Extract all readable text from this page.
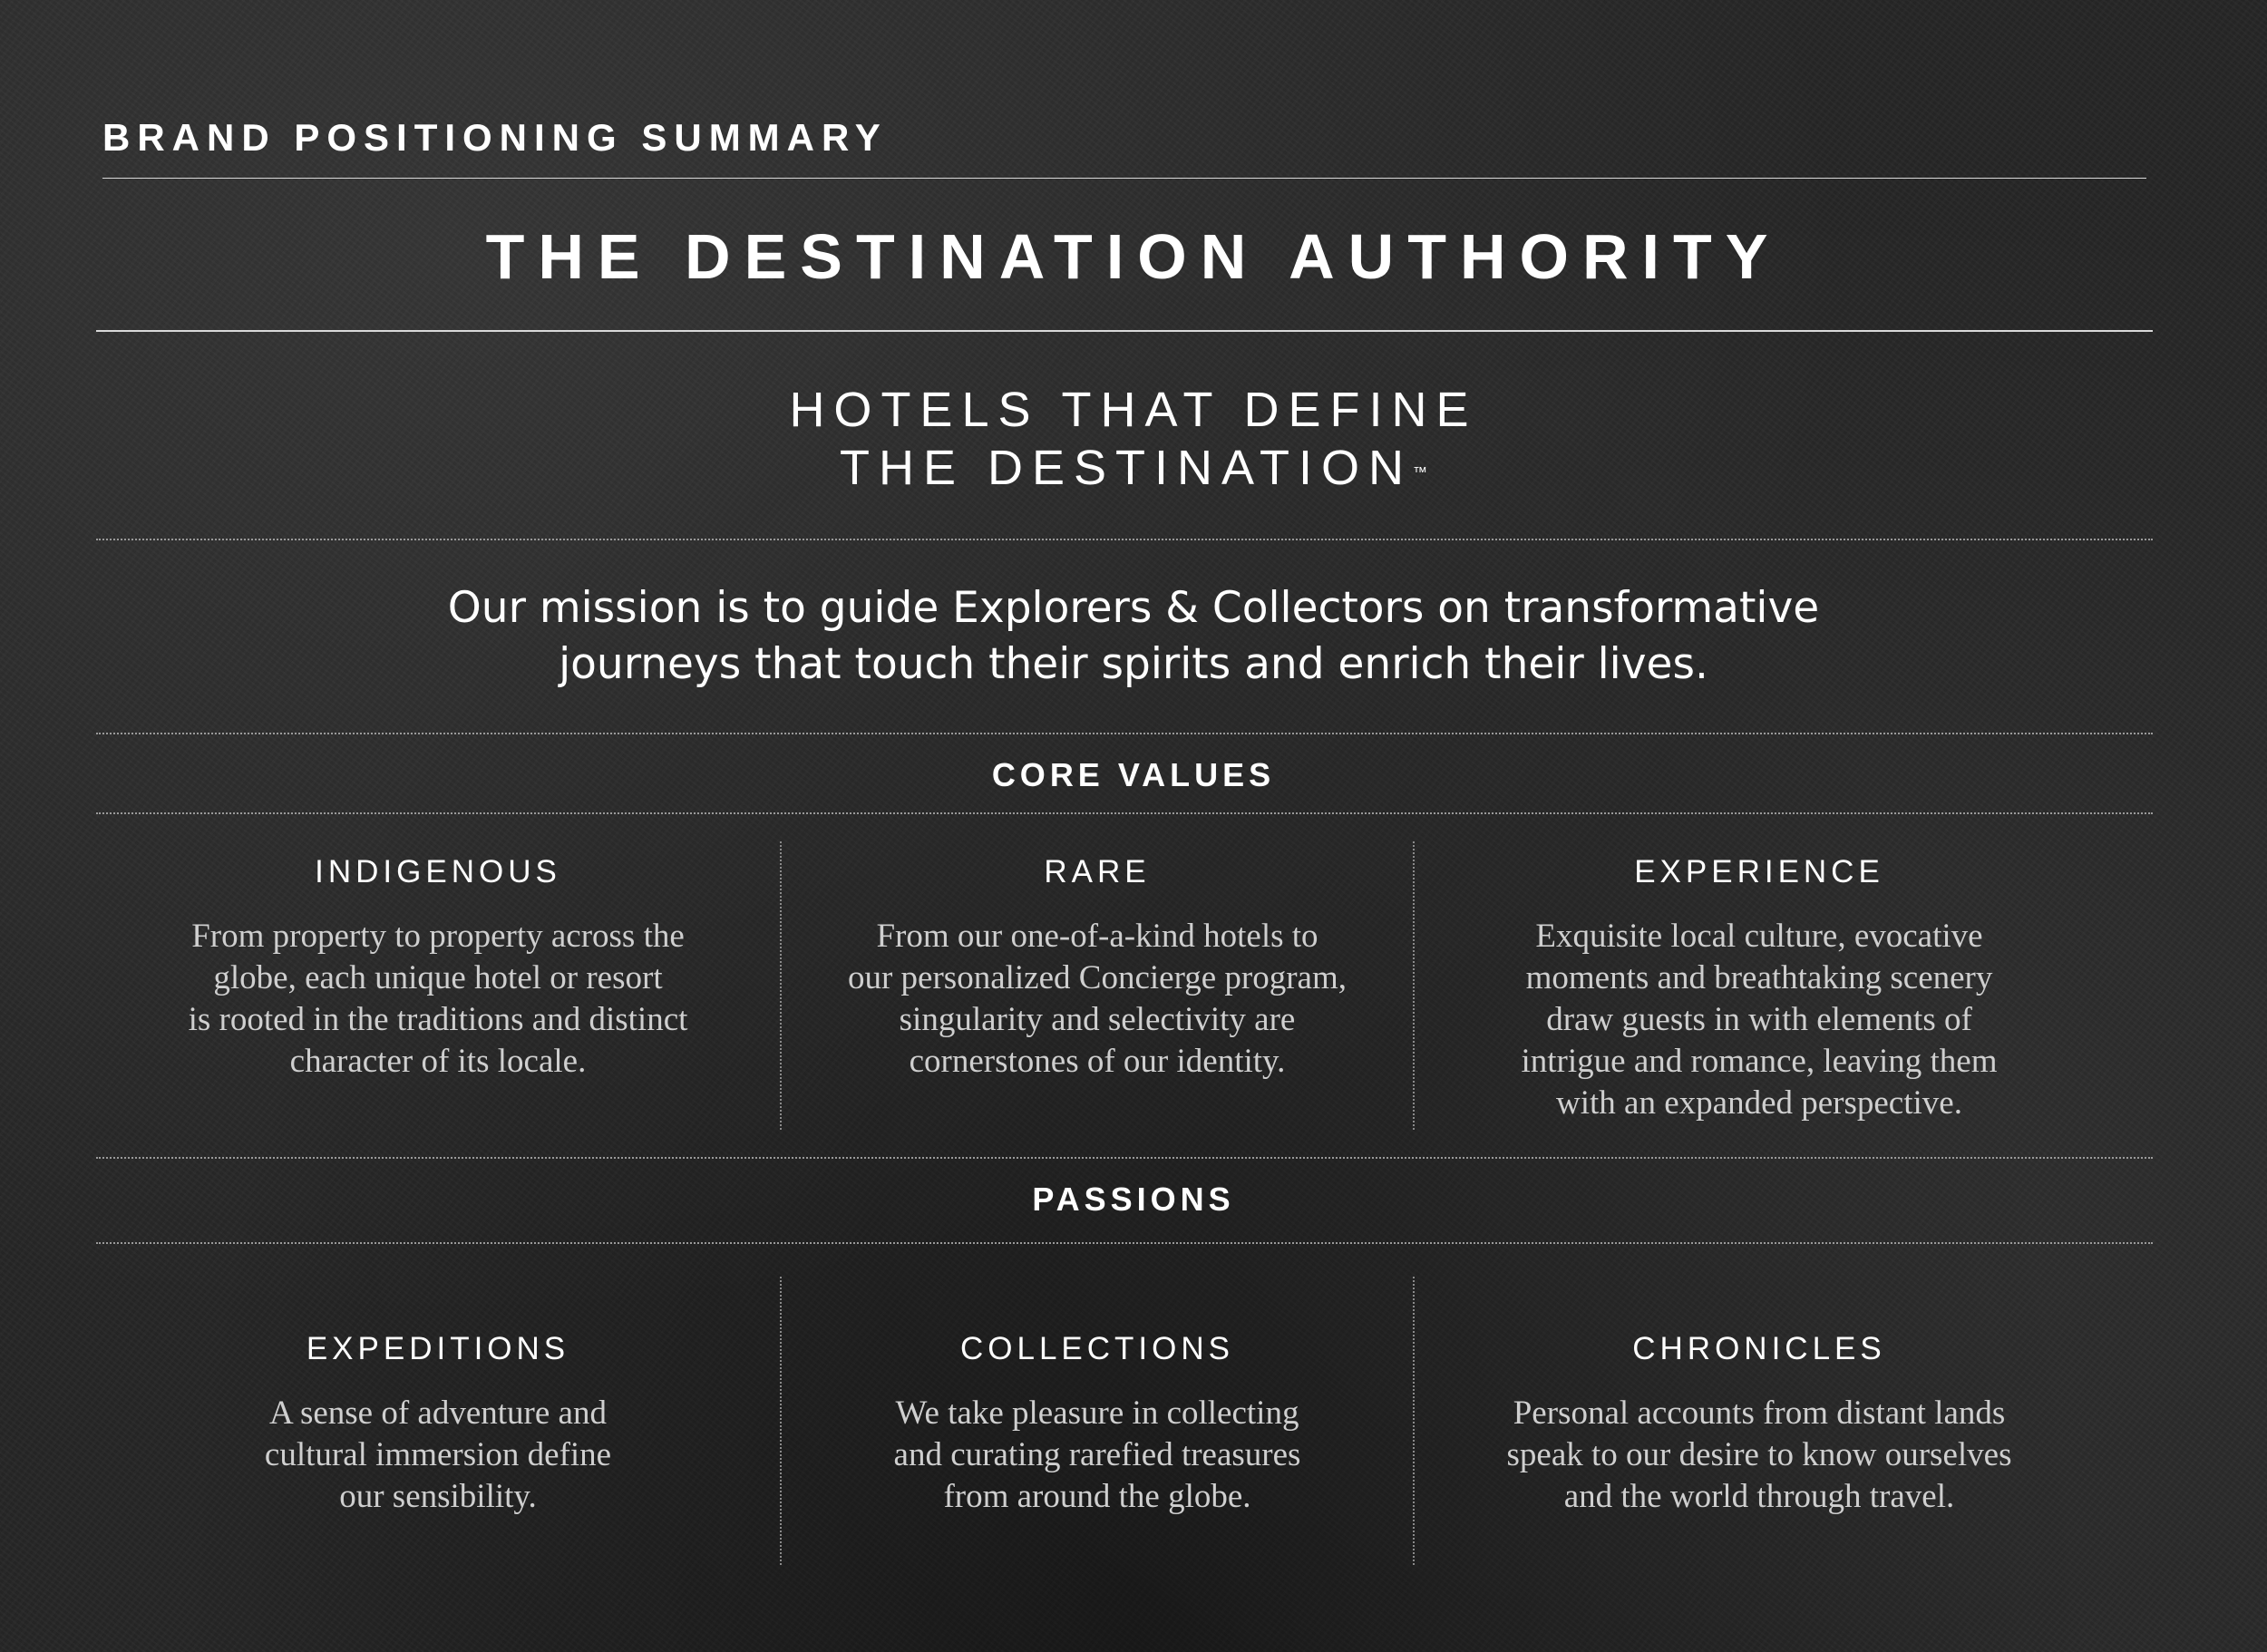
BRAND POSITIONING SUMMARY
THE DESTINATION AUTHORITY
HOTELS THAT DEFINE
THE DESTINATION™
Our mission is to guide Explorers & Collectors on transformative
journeys that touch their spirits and enrich their lives.
CORE VALUES
INDIGENOUS
From property to property across the
globe, each unique hotel or resort
is rooted in the traditions and distinct
character of its locale.
RARE
From our one-of-a-kind hotels to
our personalized Concierge program,
singularity and selectivity are
cornerstones of our identity.
EXPERIENCE
Exquisite local culture, evocative
moments and breathtaking scenery
draw guests in with elements of
intrigue and romance, leaving them
with an expanded perspective.
PASSIONS
EXPEDITIONS
A sense of adventure and
cultural immersion define
our sensibility.
COLLECTIONS
We take pleasure in collecting
and curating rarefied treasures
from around the globe.
CHRONICLES
Personal accounts from distant lands
speak to our desire to know ourselves
and the world through travel.
